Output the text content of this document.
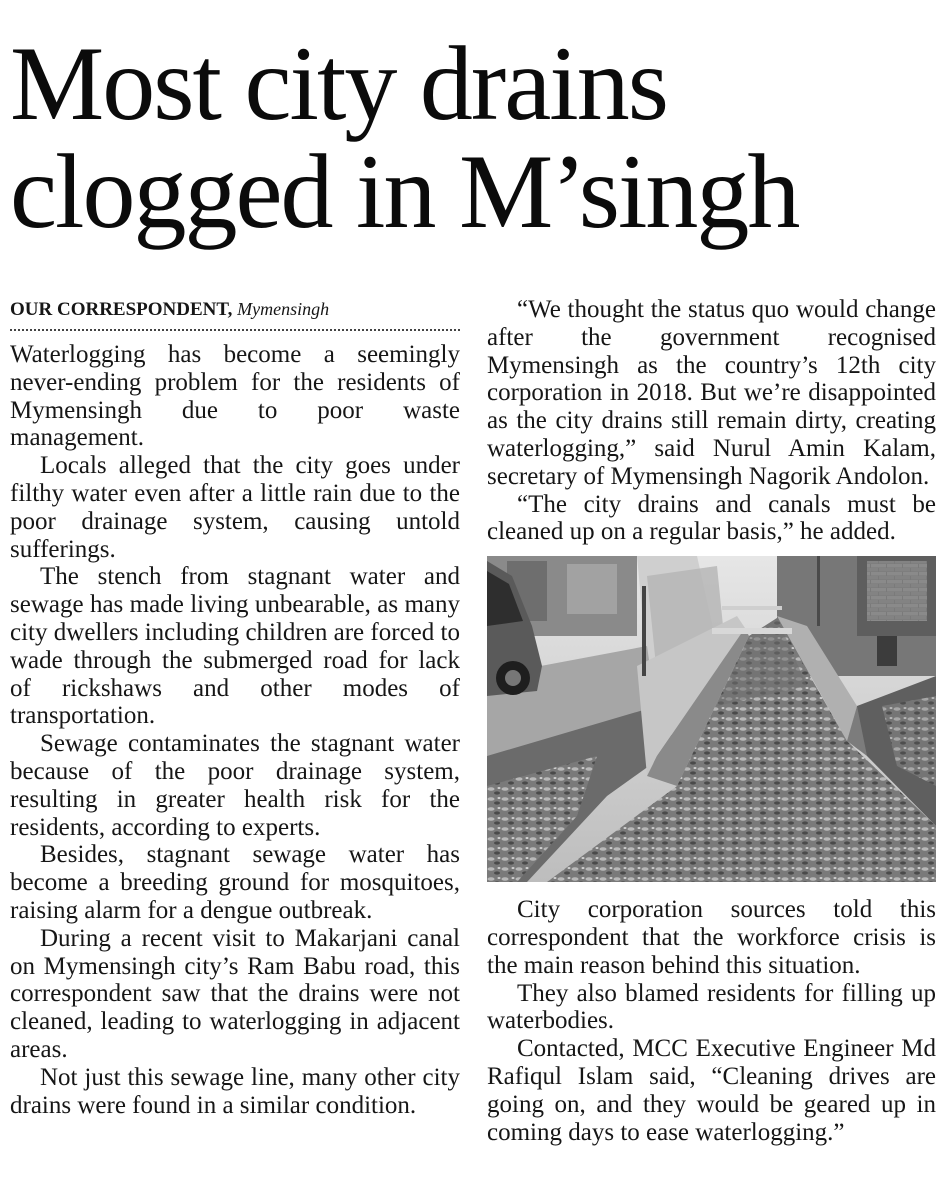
Most city drains
clogged in M’singh
OUR CORRESPONDENT, Mymensingh

Waterlogging has become a seemingly never-ending problem for the residents of Mymensingh due to poor waste management.

Locals alleged that the city goes under filthy water even after a little rain due to the poor drainage system, causing untold sufferings.

The stench from stagnant water and sewage has made living unbearable, as many city dwellers including children are forced to wade through the submerged road for lack of rickshaws and other modes of transportation.

Sewage contaminates the stagnant water because of the poor drainage system, resulting in greater health risk for the residents, according to experts.

Besides, stagnant sewage water has become a breeding ground for mosquitoes, raising alarm for a dengue outbreak.

During a recent visit to Makarjani canal on Mymensingh city’s Ram Babu road, this correspondent saw that the drains were not cleaned, leading to waterlogging in adjacent areas.

Not just this sewage line, many other city drains were found in a similar condition.

“We thought the status quo would change after the government recognised Mymensingh as the country’s 12th city corporation in 2018. But we’re disappointed as the city drains still remain dirty, creating waterlogging,” said Nurul Amin Kalam, secretary of Mymensingh Nagorik Andolon.

“The city drains and canals must be cleaned up on a regular basis,” he added.

City corporation sources told this correspondent that the workforce crisis is the main reason behind this situation.

They also blamed residents for filling up waterbodies.

Contacted, MCC Executive Engineer Md Rafiqul Islam said, “Cleaning drives are going on, and they would be geared up in coming days to ease waterlogging.”
